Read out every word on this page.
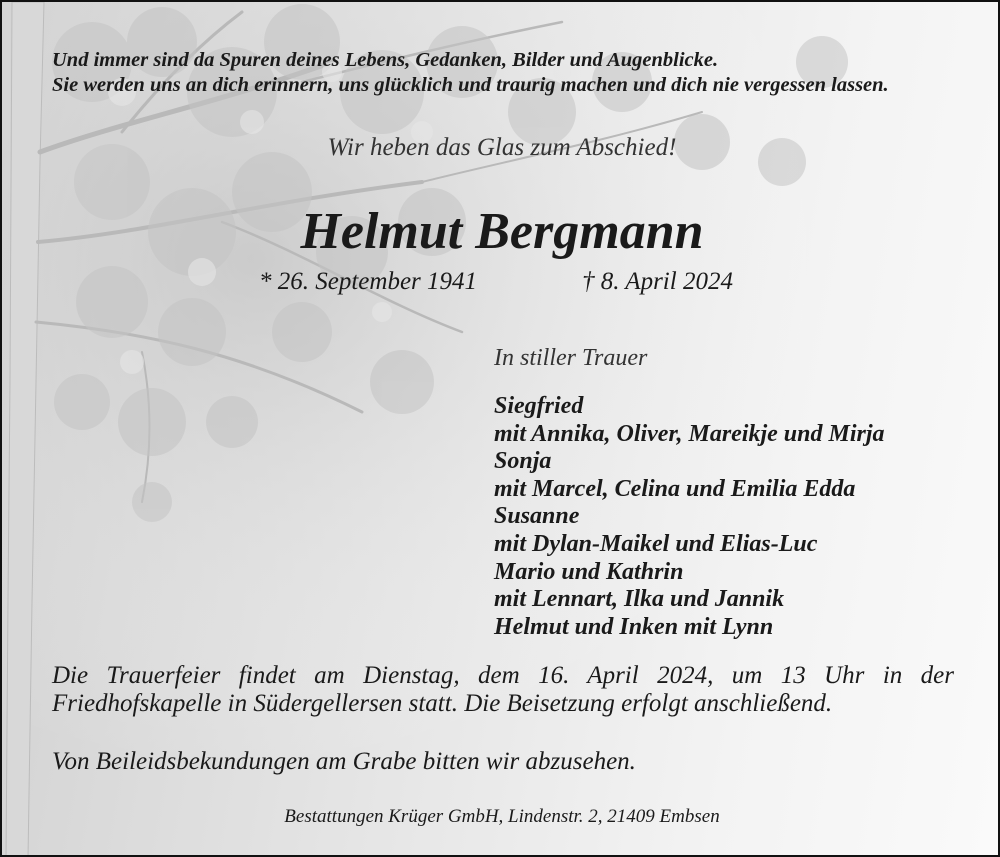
Und immer sind da Spuren deines Lebens, Gedanken, Bilder und Augenblicke.
Sie werden uns an dich erinnern, uns glücklich und traurig machen und dich nie vergessen lassen.

Wir heben das Glas zum Abschied!

Helmut Bergmann

* 26. September 1941	† 8. April 2024

In stiller Trauer

Siegfried
mit Annika, Oliver, Mareikje und Mirja
Sonja
mit Marcel, Celina und Emilia Edda
Susanne
mit Dylan-Maikel und Elias-Luc
Mario und Kathrin
mit Lennart, Ilka und Jannik
Helmut und Inken mit Lynn

Die Trauerfeier findet am Dienstag, dem 16. April 2024, um 13 Uhr in der
Friedhofskapelle in Südergellersen statt. Die Beisetzung erfolgt anschließend.

Von Beileidsbekundungen am Grabe bitten wir abzusehen.

Bestattungen Krüger GmbH, Lindenstr. 2, 21409 Embsen
